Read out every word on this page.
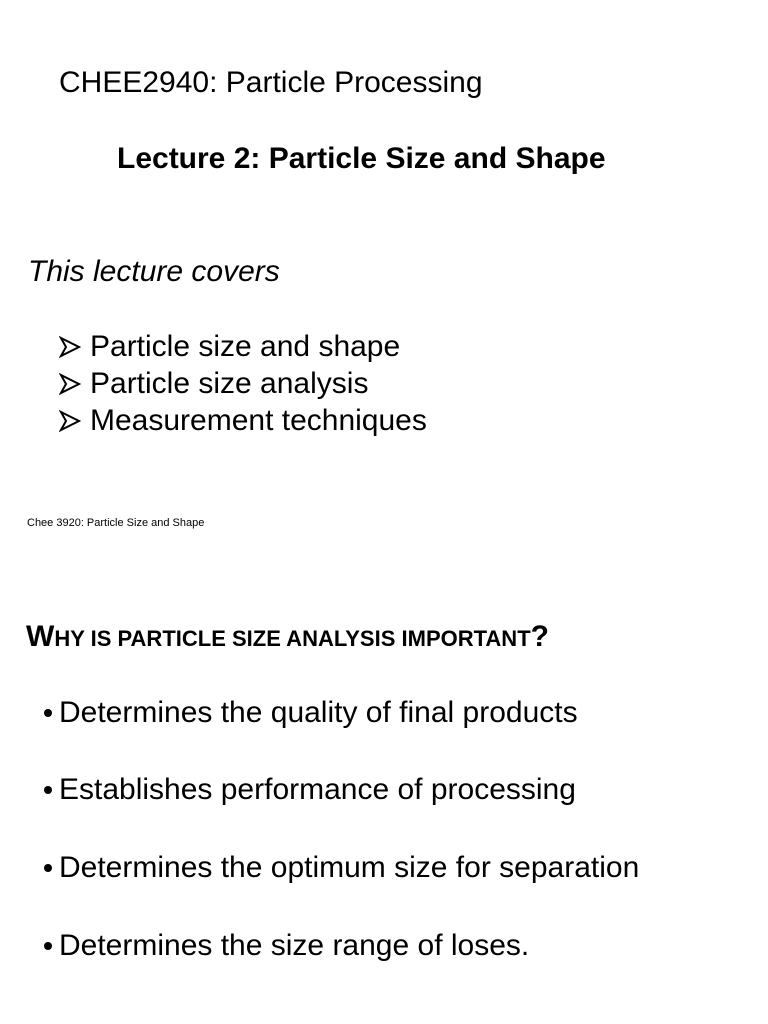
CHEE2940: Particle Processing
Lecture 2: Particle Size and Shape
This lecture covers
Particle size and shape
Particle size analysis
Measurement techniques
Chee 3920: Particle Size and Shape
WHY IS PARTICLE SIZE ANALYSIS IMPORTANT?
Determines the quality of final products
Establishes performance of processing
Determines the optimum size for separation
Determines the size range of loses.
